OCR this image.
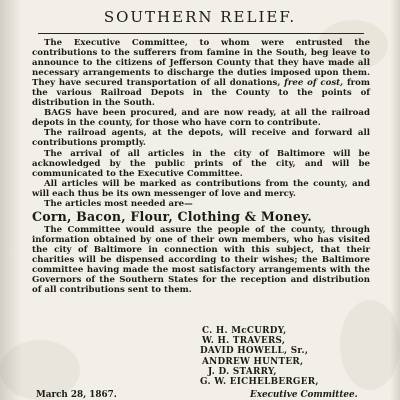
SOUTHERN RELIEF.

The Executive Committee, to whom were entrusted the contributions to the sufferers from famine in the South, beg leave to announce to the citizens of Jefferson County that they have made all necessary arrangements to discharge the duties imposed upon them. They have secured transportation of all donations, free of cost, from the various Railroad Depots in the County to the points of distribution in the South.

BAGS have been procured, and are now ready, at all the railroad depots in the county, for those who have corn to contribute.

The railroad agents, at the depots, will receive and forward all contributions promptly.

The arrival of all articles in the city of Baltimore will be acknowledged by the public prints of the city, and will be communicated to the Executive Committee.

All articles will be marked as contributions from the county, and will each thus be its own messenger of love and mercy.

The articles most needed are—

Corn, Bacon, Flour, Clothing & Money.

The Committee would assure the people of the county, through information obtained by one of their own members, who has visited the city of Baltimore in connection with this subject, that their charities will be dispensed according to their wishes; the Baltimore committee having made the most satisfactory arrangements with the Governors of the Southern States for the reception and distribution of all contributions sent to them.

C. H. McCURDY,
W. H. TRAVERS,
DAVID HOWELL, Sr.,
ANDREW HUNTER,
J. D. STARRY,
G. W. EICHELBERGER,
March 28, 1867.	Executive Committee.
